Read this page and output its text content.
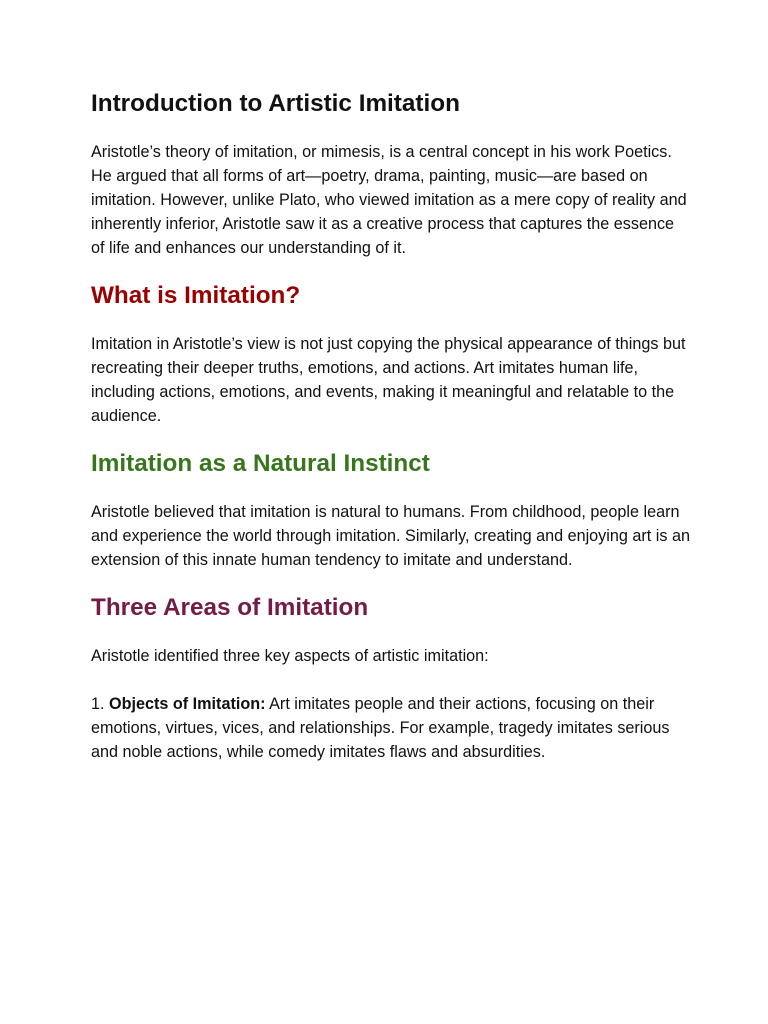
Introduction to Artistic Imitation

Aristotle’s theory of imitation, or mimesis, is a central concept in his work Poetics. He argued that all forms of art—poetry, drama, painting, music—are based on imitation. However, unlike Plato, who viewed imitation as a mere copy of reality and inherently inferior, Aristotle saw it as a creative process that captures the essence of life and enhances our understanding of it.

What is Imitation?

Imitation in Aristotle’s view is not just copying the physical appearance of things but recreating their deeper truths, emotions, and actions. Art imitates human life, including actions, emotions, and events, making it meaningful and relatable to the audience.

Imitation as a Natural Instinct

Aristotle believed that imitation is natural to humans. From childhood, people learn and experience the world through imitation. Similarly, creating and enjoying art is an extension of this innate human tendency to imitate and understand.

Three Areas of Imitation

Aristotle identified three key aspects of artistic imitation:

1. Objects of Imitation: Art imitates people and their actions, focusing on their emotions, virtues, vices, and relationships. For example, tragedy imitates serious and noble actions, while comedy imitates flaws and absurdities.
